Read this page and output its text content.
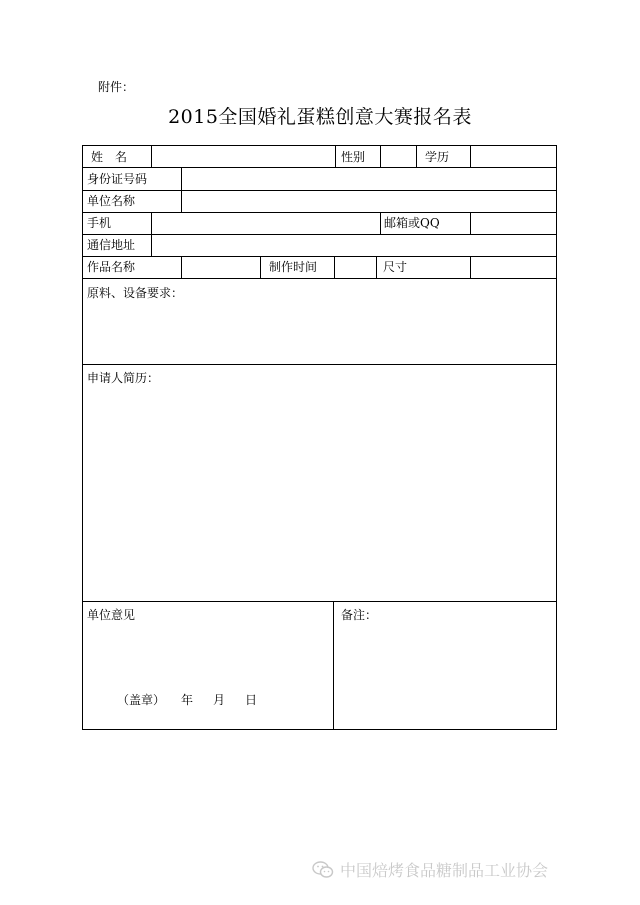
附件：
2015全国婚礼蛋糕创意大赛报名表
姓　名	性别	学历
身份证号码
单位名称
手机	邮箱或QQ
通信地址
作品名称	制作时间	尺寸
原料、设备要求：
申请人简历：
单位意见	备注：
（盖章） 年 月 日
中国焙烤食品糖制品工业协会
